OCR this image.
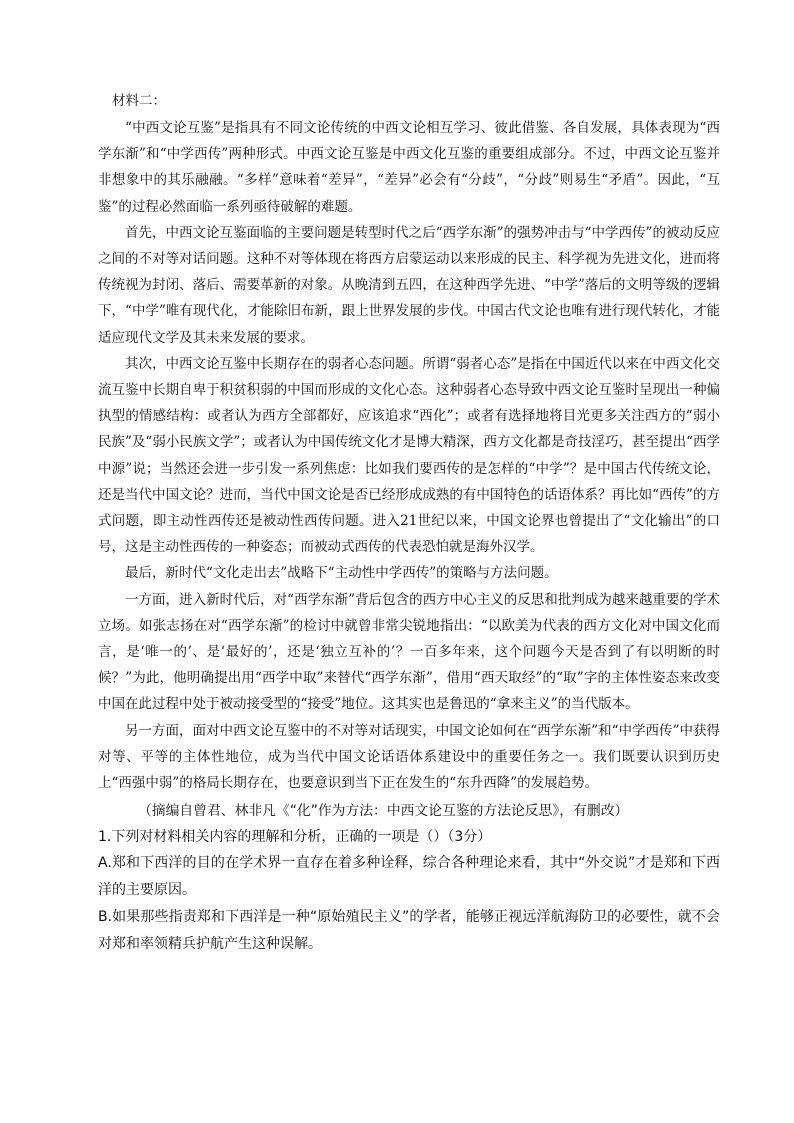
材料二：

“中西文论互鉴”是指具有不同文论传统的中西文论相互学习、彼此借鉴、各自发展，具体表现为“西学东渐”和“中学西传”两种形式。中西文论互鉴是中西文化互鉴的重要组成部分。不过，中西文论互鉴并非想象中的其乐融融。“多样”意味着“差异”，“差异”必会有“分歧”，“分歧”则易生“矛盾”。因此，“互鉴”的过程必然面临一系列亟待破解的难题。

首先，中西文论互鉴面临的主要问题是转型时代之后“西学东渐”的强势冲击与“中学西传”的被动反应之间的不对等对话问题。这种不对等体现在将西方启蒙运动以来形成的民主、科学视为先进文化，进而将传统视为封闭、落后、需要革新的对象。从晚清到五四，在这种西学先进、“中学”落后的文明等级的逻辑下，“中学”唯有现代化，才能除旧布新，跟上世界发展的步伐。中国古代文论也唯有进行现代转化，才能适应现代文学及其未来发展的要求。

其次，中西文论互鉴中长期存在的弱者心态问题。所谓“弱者心态”是指在中国近代以来在中西文化交流互鉴中长期自卑于积贫积弱的中国而形成的文化心态。这种弱者心态导致中西文论互鉴时呈现出一种偏执型的情感结构：或者认为西方全部都好，应该追求“西化”；或者有选择地将目光更多关注西方的“弱小民族”及“弱小民族文学”；或者认为中国传统文化才是博大精深，西方文化都是奇技淫巧，甚至提出“西学中源”说；当然还会进一步引发一系列焦虑：比如我们要西传的是怎样的“中学”？是中国古代传统文论，还是当代中国文论？进而，当代中国文论是否已经形成成熟的有中国特色的话语体系？再比如“西传”的方式问题，即主动性西传还是被动性西传问题。进入21世纪以来，中国文论界也曾提出了“文化输出”的口号，这是主动性西传的一种姿态；而被动式西传的代表恐怕就是海外汉学。

最后，新时代“文化走出去”战略下“主动性中学西传”的策略与方法问题。

一方面，进入新时代后，对“西学东渐”背后包含的西方中心主义的反思和批判成为越来越重要的学术立场。如张志扬在对“西学东渐”的检讨中就曾非常尖锐地指出：“以欧美为代表的西方文化对中国文化而言，是‘唯一的’、是‘最好的’，还是‘独立互补的’？一百多年来，这个问题今天是否到了有以明断的时候？”为此，他明确提出用“西学中取”来替代“西学东渐”，借用“西天取经”的“取”字的主体性姿态来改变中国在此过程中处于被动接受型的“接受”地位。这其实也是鲁迅的“拿来主义”的当代版本。

另一方面，面对中西文论互鉴中的不对等对话现实，中国文论如何在“西学东渐”和“中学西传”中获得对等、平等的主体性地位，成为当代中国文论话语体系建设中的重要任务之一。我们既要认识到历史上“西强中弱”的格局长期存在，也要意识到当下正在发生的“东升西降”的发展趋势。

（摘编自曾君、林非凡《“化”作为方法：中西文论互鉴的方法论反思》，有删改）

1.下列对材料相关内容的理解和分析，正确的一项是（）（3分）

A.郑和下西洋的目的在学术界一直存在着多种诠释，综合各种理论来看，其中“外交说”才是郑和下西洋的主要原因。

B.如果那些指责郑和下西洋是一种“原始殖民主义”的学者，能够正视远洋航海防卫的必要性，就不会对郑和率领精兵护航产生这种误解。
